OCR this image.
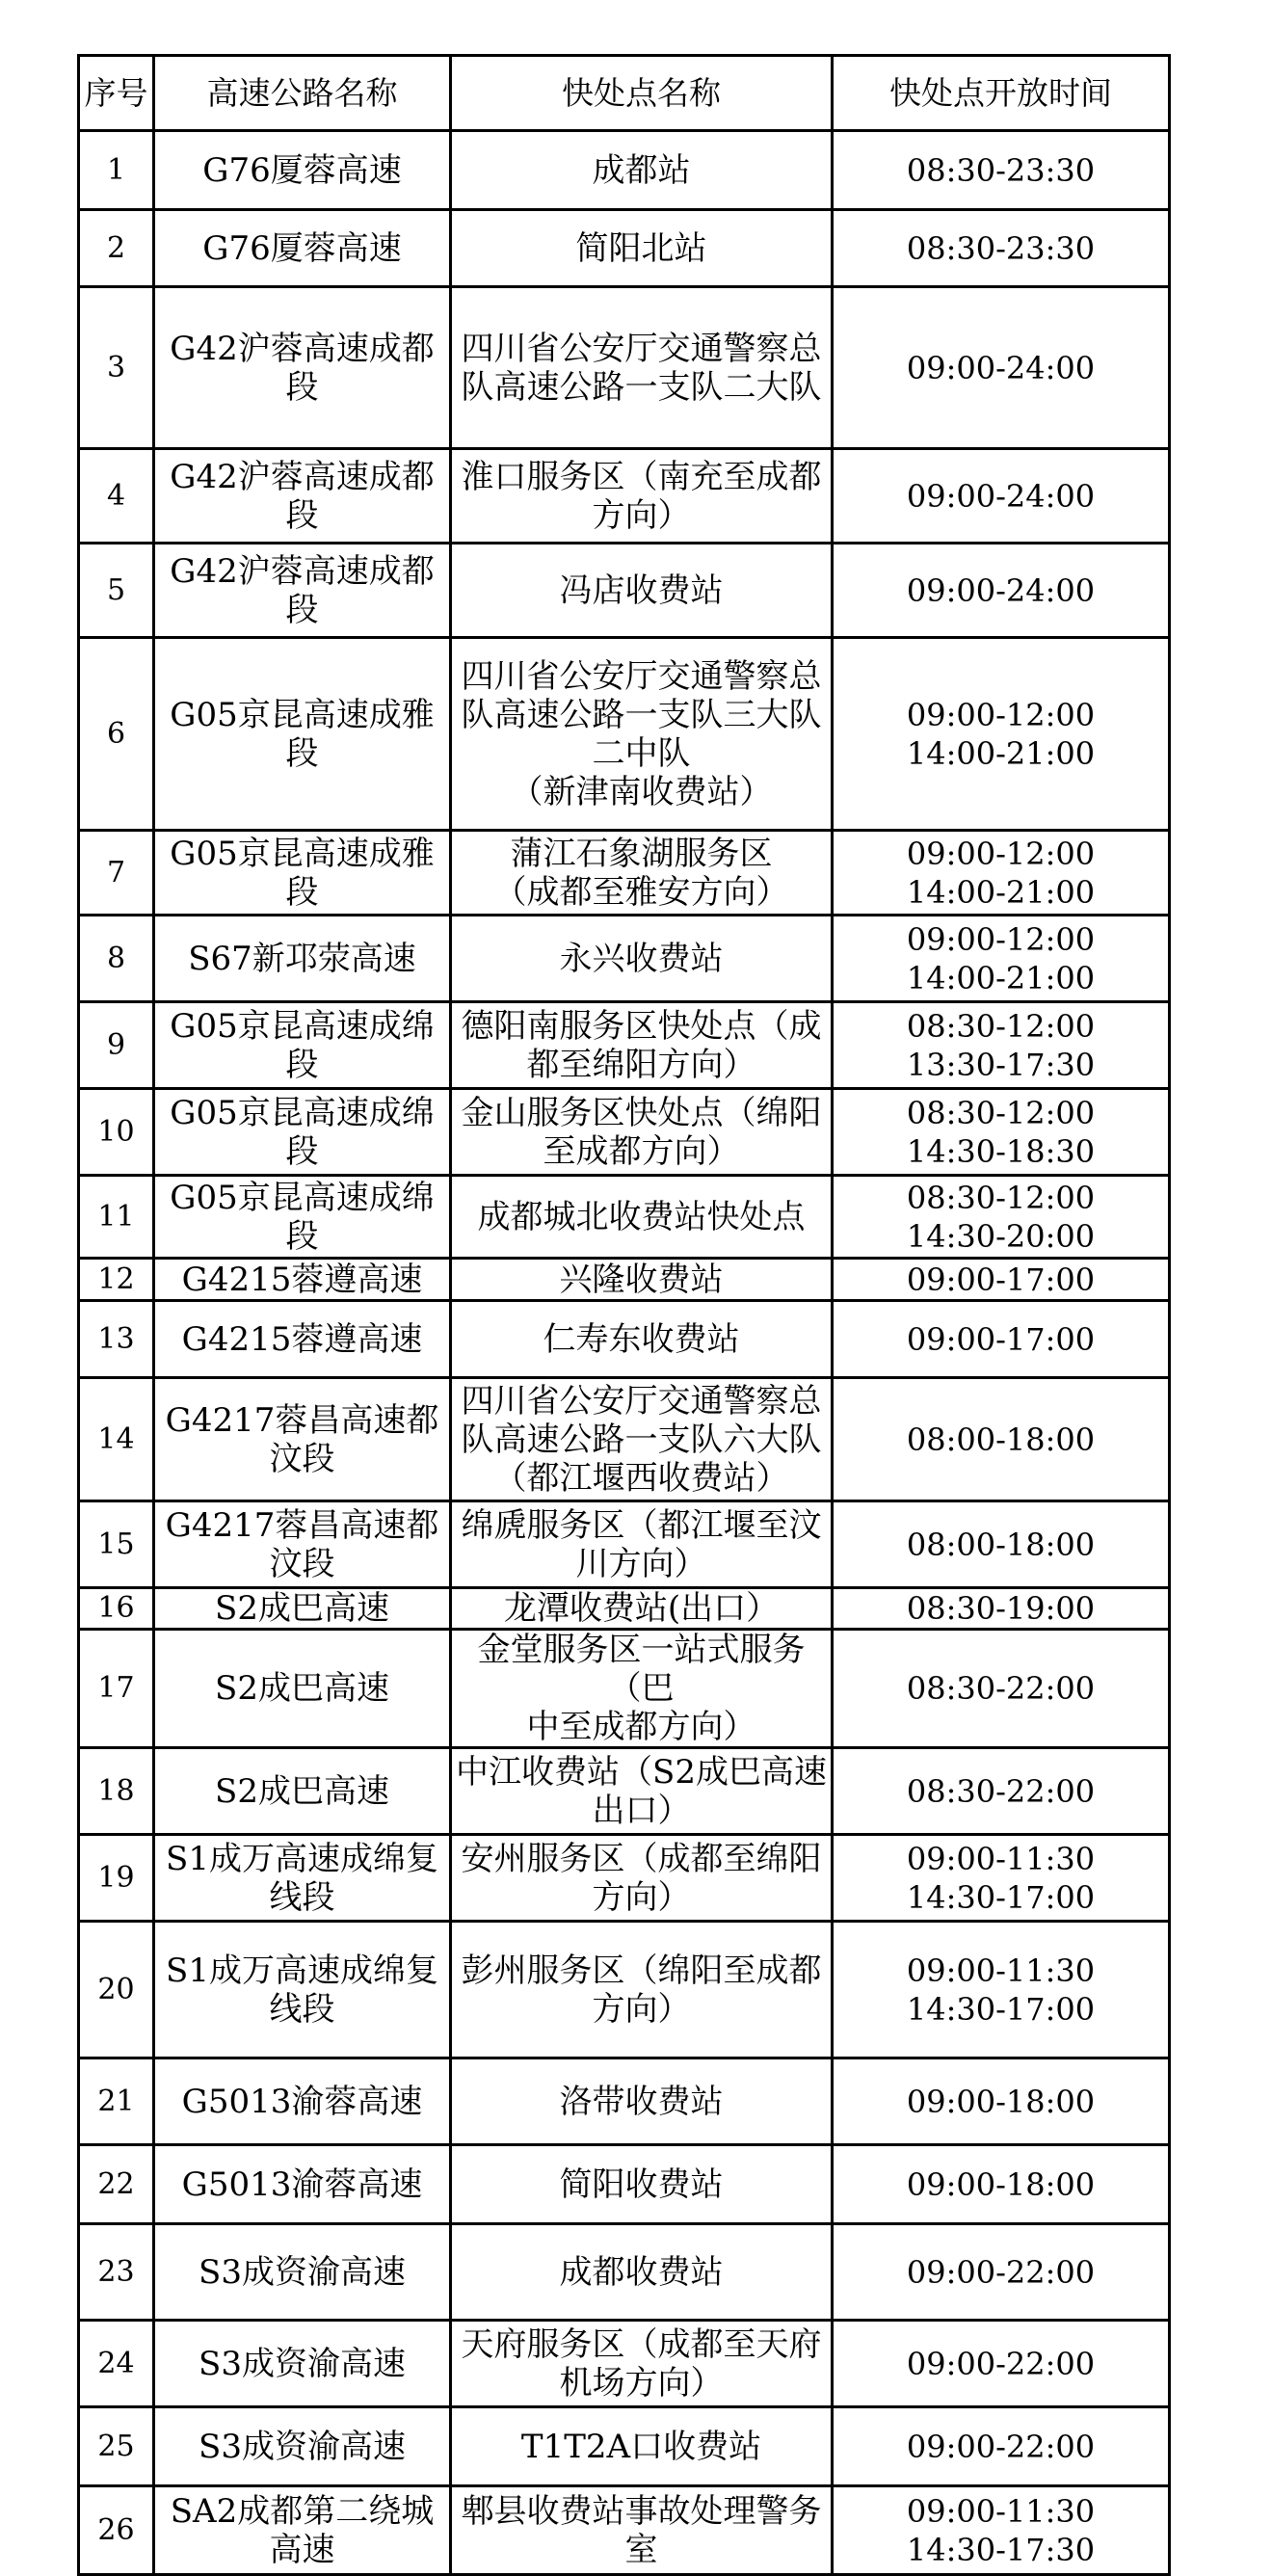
序号	高速公路名称	快处点名称	快处点开放时间
1	G76厦蓉高速	成都站	08:30-23:30
2	G76厦蓉高速	简阳北站	08:30-23:30
3	G42沪蓉高速成都
段	四川省公安厅交通警察总
队高速公路一支队二大队	09:00-24:00
4	G42沪蓉高速成都
段	淮口服务区（南充至成都
方向）	09:00-24:00
5	G42沪蓉高速成都
段	冯店收费站	09:00-24:00
6	G05京昆高速成雅
段	四川省公安厅交通警察总
队高速公路一支队三大队
二中队
（新津南收费站）	09:00-12:00
14:00-21:00
7	G05京昆高速成雅
段	蒲江石象湖服务区
（成都至雅安方向）	09:00-12:00
14:00-21:00
8	S67新邛荥高速	永兴收费站	09:00-12:00
14:00-21:00
9	G05京昆高速成绵
段	德阳南服务区快处点（成
都至绵阳方向）	08:30-12:00
13:30-17:30
10	G05京昆高速成绵
段	金山服务区快处点（绵阳
至成都方向）	08:30-12:00
14:30-18:30
11	G05京昆高速成绵
段	成都城北收费站快处点	08:30-12:00
14:30-20:00
12	G4215蓉遵高速	兴隆收费站	09:00-17:00
13	G4215蓉遵高速	仁寿东收费站	09:00-17:00
14	G4217蓉昌高速都
汶段	四川省公安厅交通警察总
队高速公路一支队六大队
（都江堰西收费站）	08:00-18:00
15	G4217蓉昌高速都
汶段	绵虒服务区（都江堰至汶
川方向）	08:00-18:00
16	S2成巴高速	龙潭收费站(出口）	08:30-19:00
17	S2成巴高速	金堂服务区一站式服务（巴
中至成都方向）	08:30-22:00
18	S2成巴高速	中江收费站（S2成巴高速
出口）	08:30-22:00
19	S1成万高速成绵复
线段	安州服务区（成都至绵阳
方向）	09:00-11:30
14:30-17:00
20	S1成万高速成绵复
线段	彭州服务区（绵阳至成都
方向）	09:00-11:30
14:30-17:00
21	G5013渝蓉高速	洛带收费站	09:00-18:00
22	G5013渝蓉高速	简阳收费站	09:00-18:00
23	S3成资渝高速	成都收费站	09:00-22:00
24	S3成资渝高速	天府服务区（成都至天府
机场方向）	09:00-22:00
25	S3成资渝高速	T1T2A口收费站	09:00-22:00
26	SA2成都第二绕城
高速	郫县收费站事故处理警务
室	09:00-11:30
14:30-17:30
